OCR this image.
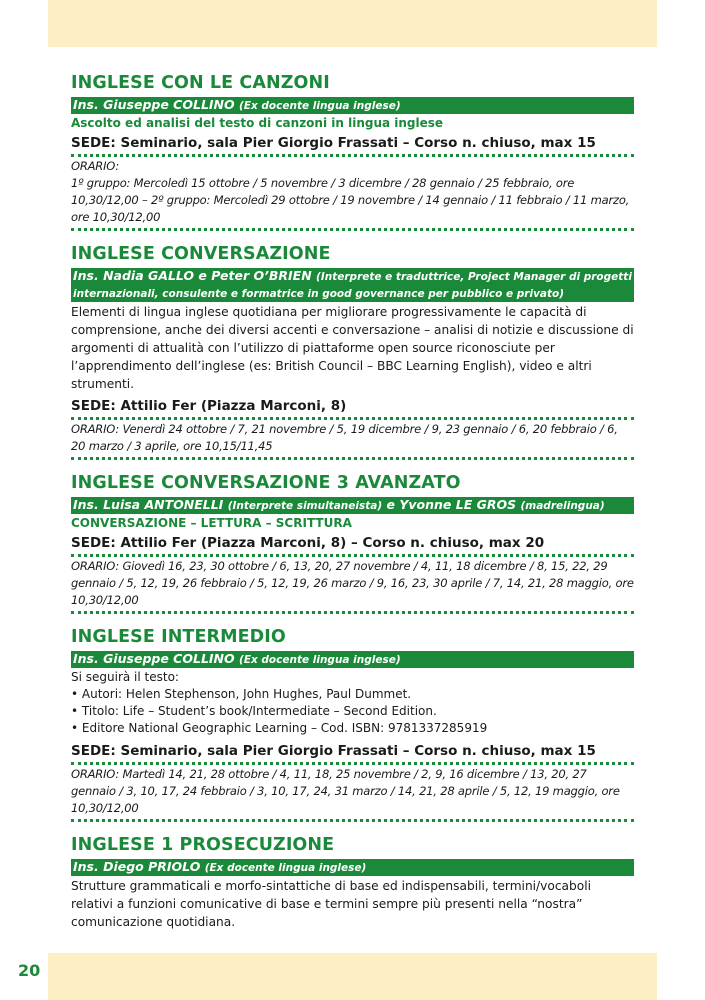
INGLESE CON LE CANZONI
Ins. Giuseppe COLLINO (Ex docente lingua inglese)
Ascolto ed analisi del testo di canzoni in lingua inglese
SEDE: Seminario, sala Pier Giorgio Frassati – Corso n. chiuso, max 15
ORARIO:
1º gruppo: Mercoledì 15 ottobre / 5 novembre / 3 dicembre / 28 gennaio / 25 febbraio, ore 10,30/12,00 – 2º gruppo: Mercoledì 29 ottobre / 19 novembre / 14 gennaio / 11 febbraio / 11 marzo, ore 10,30/12,00
INGLESE CONVERSAZIONE
Ins. Nadia GALLO e Peter O’BRIEN (Interprete e traduttrice, Project Manager di progetti internazionali, consulente e formatrice in good governance per pubblico e privato)

Elementi di lingua inglese quotidiana per migliorare progressivamente le capacità di comprensione, anche dei diversi accenti e conversazione – analisi di notizie e discussione di argomenti di attualità con l’utilizzo di piattaforme open source riconosciute per l’apprendimento dell’inglese (es: British Council – BBC Learning English), video e altri strumenti.

SEDE: Attilio Fer (Piazza Marconi, 8)
ORARIO: Venerdì 24 ottobre / 7, 21 novembre / 5, 19 dicembre / 9, 23 gennaio / 6, 20 febbraio / 6, 20 marzo / 3 aprile, ore 10,15/11,45
INGLESE CONVERSAZIONE 3 AVANZATO
Ins. Luisa ANTONELLI (Interprete simultaneista) e Yvonne LE GROS (madrelingua)
CONVERSAZIONE – LETTURA – SCRITTURA
SEDE: Attilio Fer (Piazza Marconi, 8) – Corso n. chiuso, max 20
ORARIO: Giovedì 16, 23, 30 ottobre / 6, 13, 20, 27 novembre / 4, 11, 18 dicembre / 8, 15, 22, 29 gennaio / 5, 12, 19, 26 febbraio / 5, 12, 19, 26 marzo / 9, 16, 23, 30 aprile / 7, 14, 21, 28 maggio, ore 10,30/12,00
INGLESE INTERMEDIO
Ins. Giuseppe COLLINO (Ex docente lingua inglese)
Si seguirà il testo:
• Autori: Helen Stephenson, John Hughes, Paul Dummet.
• Titolo: Life – Student’s book/Intermediate – Second Edition.
• Editore National Geographic Learning – Cod. ISBN: 9781337285919
SEDE: Seminario, sala Pier Giorgio Frassati – Corso n. chiuso, max 15
ORARIO: Martedì 14, 21, 28 ottobre / 4, 11, 18, 25 novembre / 2, 9, 16 dicembre / 13, 20, 27 gennaio / 3, 10, 17, 24 febbraio / 3, 10, 17, 24, 31 marzo / 14, 21, 28 aprile / 5, 12, 19 maggio, ore 10,30/12,00
INGLESE 1 PROSECUZIONE
Ins. Diego PRIOLO (Ex docente lingua inglese)

Strutture grammaticali e morfo-sintattiche di base ed indispensabili, termini/vocaboli relativi a funzioni comunicative di base e termini sempre più presenti nella “nostra” comunicazione quotidiana.

20
